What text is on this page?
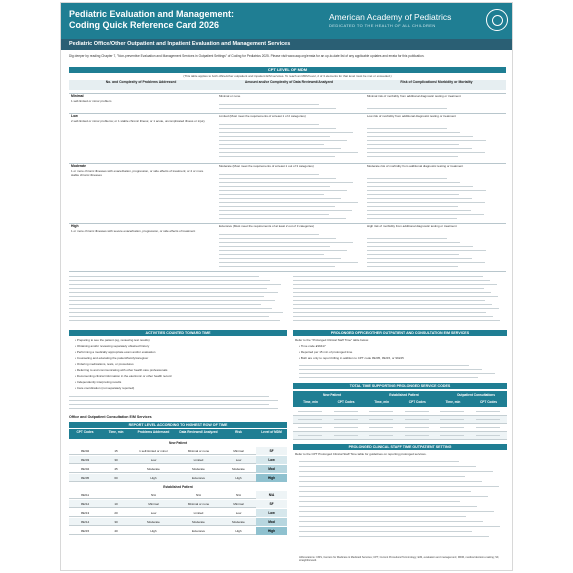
Pediatric Evaluation and Management:
Coding Quick Reference Card 2026
American Academy of Pediatrics
DEDICATED TO THE HEALTH OF ALL CHILDREN
Pediatric Office/Other Outpatient and Inpatient Evaluation and Management Services
Dig deeper by reading Chapter 7, "Non-preventive Evaluation and Management Services in Outpatient Settings" of Coding for Pediatrics 2025. Please visit www.aap.org/errata for an up-to-date list of any applicable updates and errata for this publication.
CPT LEVEL OF MDM
(This table applies to both office/other outpatient and inpatient E/M services. To reach an MDM level, 2 of 3 elements for that level must be met or exceeded.)
No. and Complexity of Problems Addressed	Amount and/or Complexity of Data Reviewed/Analyzed	Risk of Complications/ Morbidity or Mortality
Minimal
1 self-limited or minor problem
Minimal or none	Minimal risk of morbidity from additional diagnostic testing or treatment
Low
2 self-limited or minor problems; or 1 stable chronic illness; or 1 acute, uncomplicated illness or injury
Limited (Must meet the requirements of at least 1 of 2 categories)	Low risk of morbidity from additional diagnostic testing or treatment
Moderate
1 or more chronic illnesses with exacerbation, progression, or side effects of treatment; or 2 or more stable chronic illnesses
Moderate (Must meet the requirements of at least 1 out of 3 categories)	Moderate risk of morbidity from additional diagnostic testing or treatment
High
1 or more chronic illnesses with severe exacerbation, progression, or side effects of treatment
Extensive (Must meet the requirements of at least 2 out of 3 categories)	High risk of morbidity from additional diagnostic testing or treatment
ACTIVITIES COUNTED TOWARD TIME
• Preparing to see the patient (eg, reviewing test results)
• Obtaining and/or reviewing separately obtained history
• Performing a medically appropriate exam and/or evaluation
• Counseling and educating the patient/family/caregiver
• Ordering medications, tests, or procedures
• Referring to and communicating with other health care professionals
• Documenting clinical information in the electronic or other health record
• Independently interpreting results
• Care coordination (not separately reported)
Office and Outpatient Consultation E/M Services
REPORT LEVEL ACCORDING TO HIGHEST ROW OF TIME
CPT Codes	Time, min	Problems Addressed	Data Reviewed/ Analyzed	Risk	Level of MDM
New Patient
99202	15	1 self-limited or minor	Minimal or none	Minimal	SF
99203	30	Low	Limited	Low	Low
99204	45	Moderate	Moderate	Moderate	Mod
99205	60	High	Extensive	High	High
Established Patient
99211	N/A	N/A	N/A	N/A
99212	10	Minimal	Minimal or none	Minimal	SF
99213	20	Low	Limited	Low	Low
99214	30	Moderate	Moderate	Moderate	Mod
99215	40	High	Extensive	High	High
PROLONGED OFFICE/OTHER OUTPATIENT AND CONSULTATION E/M SERVICES
Refer to the "Prolonged Clinical Staff Time" table below.
• Time code ●99417
• Reported per 15 min of prolonged time
• Both are only to report billing in addition to CPT code 99205, 99215, or 99245
TOTAL TIME SUPPORTING PROLONGED SERVICE CODES
New Patient	Established Patient	Outpatient Consultations
Time, min	CPT Codes	Time, min	CPT Codes	Time, min	CPT Codes
PROLONGED CLINICAL STAFF TIME OUTPATIENT SETTING
Refer to the CPT Prolonged Clinical Staff Time table for guidelines on reporting prolonged services.
Abbreviations: CMS, Centers for Medicare & Medicaid Services; CPT, Current Procedural Terminology; E/M, evaluation and management; MDM, medical decision-making; SF, straightforward.
